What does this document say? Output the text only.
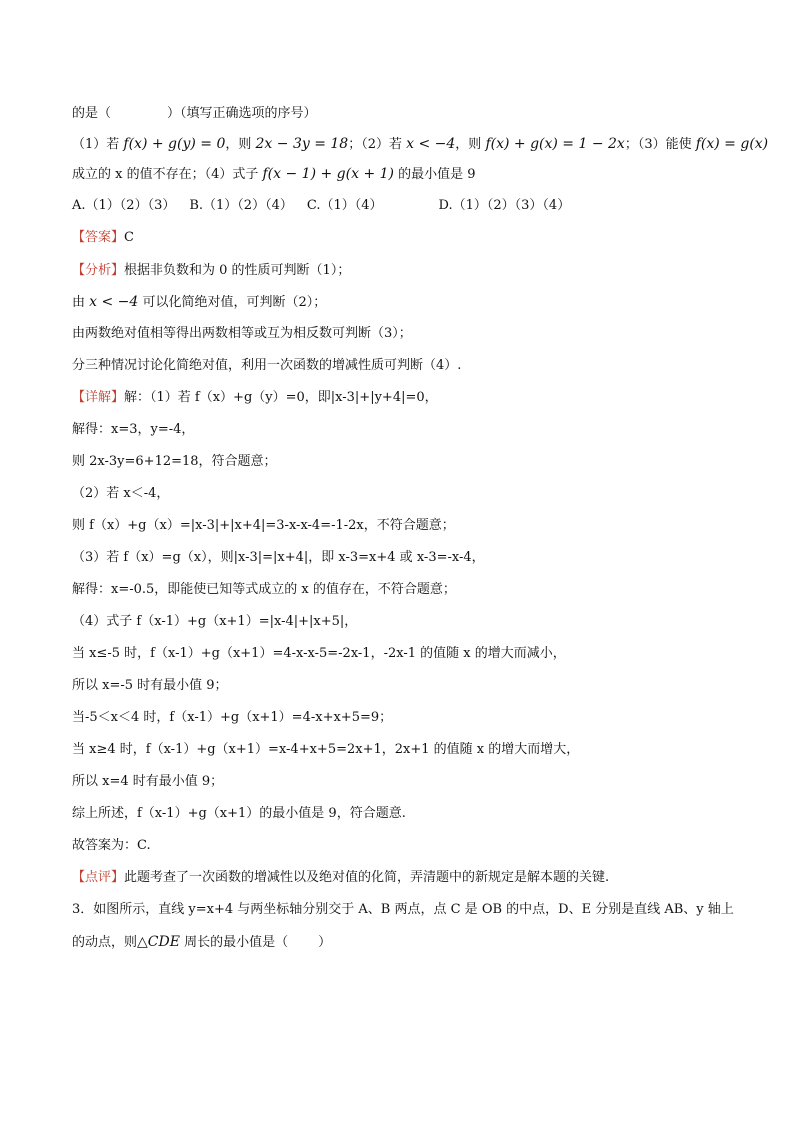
的是（	）（填写正确选项的序号）
（1）若 f(x) + g(y) = 0，则 2x − 3y = 18；（2）若 x < −4，则 f(x) + g(x) = 1 − 2x；（3）能使 f(x) = g(x)
成立的 x 的值不存在；（4）式子 f(x − 1) + g(x + 1) 的最小值是 9
A.（1）（2）（3） B.（1）（2）（4） C.（1）（4）	D.（1）（2）（3）（4）
【答案】C
【分析】根据非负数和为 0 的性质可判断（1）；
由 x < −4 可以化简绝对值，可判断（2）；
由两数绝对值相等得出两数相等或互为相反数可判断（3）；
分三种情况讨论化简绝对值，利用一次函数的增减性质可判断（4）.
【详解】解：（1）若 f（x）+g（y）=0，即|x-3|+|y+4|=0，
解得：x=3，y=-4，
则 2x-3y=6+12=18，符合题意；
（2）若 x＜-4，
则 f（x）+g（x）=|x-3|+|x+4|=3-x-x-4=-1-2x，不符合题意；
（3）若 f（x）=g（x），则|x-3|=|x+4|，即 x-3=x+4 或 x-3=-x-4，
解得：x=-0.5，即能使已知等式成立的 x 的值存在，不符合题意；
（4）式子 f（x-1）+g（x+1）=|x-4|+|x+5|，
当 x≤-5 时，f（x-1）+g（x+1）=4-x-x-5=-2x-1，-2x-1 的值随 x 的增大而减小，
所以 x=-5 时有最小值 9；
当-5＜x＜4 时，f（x-1）+g（x+1）=4-x+x+5=9；
当 x≥4 时，f（x-1）+g（x+1）=x-4+x+5=2x+1，2x+1 的值随 x 的增大而增大，
所以 x=4 时有最小值 9；
综上所述，f（x-1）+g（x+1）的最小值是 9，符合题意.
故答案为：C.
【点评】此题考查了一次函数的增减性以及绝对值的化简，弄清题中的新规定是解本题的关键.
3．如图所示，直线 y=x+4 与两坐标轴分别交于 A、B 两点，点 C 是 OB 的中点，D、E 分别是直线 AB、y 轴上
的动点，则△CDE 周长的最小值是（ ）
